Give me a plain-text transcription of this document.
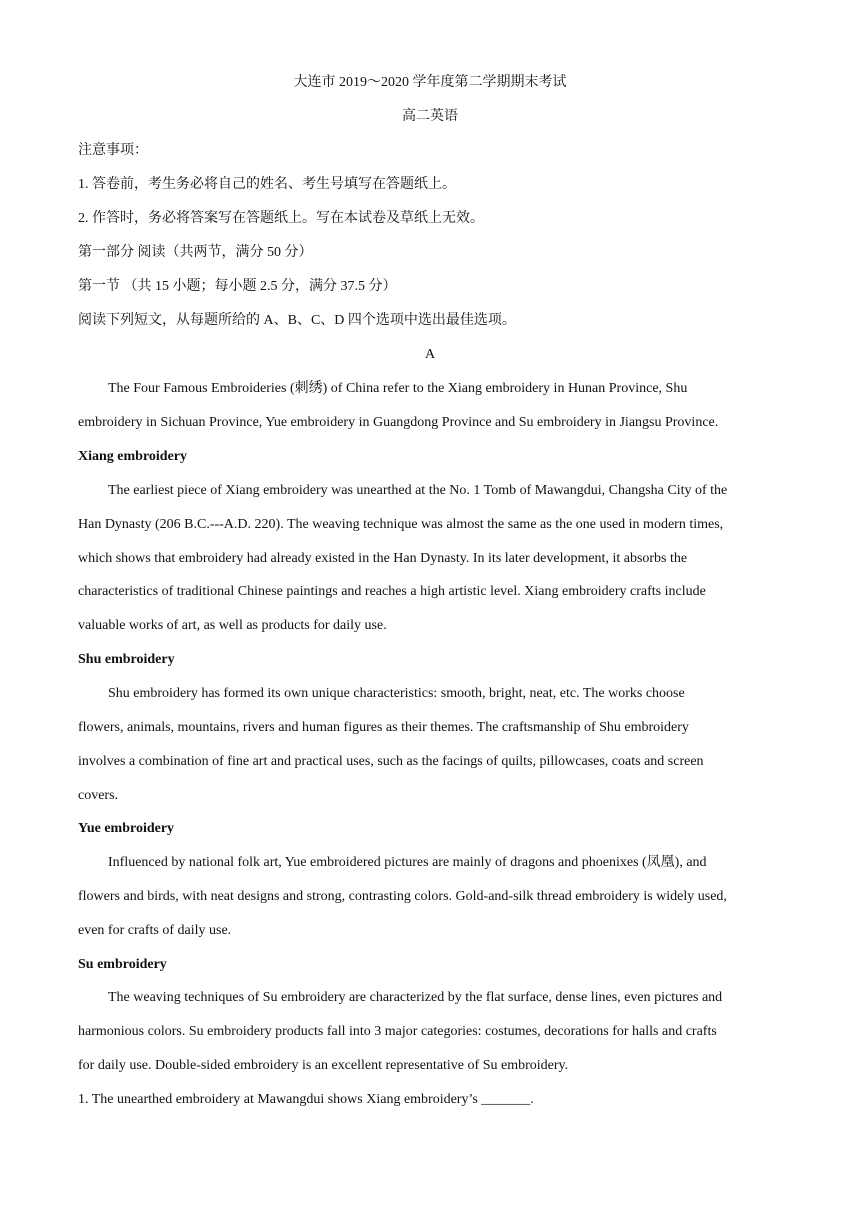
大连市 2019～2020 学年度第二学期期末考试
高二英语
注意事项：
1. 答卷前，考生务必将自己的姓名、考生号填写在答题纸上。
2. 作答时，务必将答案写在答题纸上。写在本试卷及草纸上无效。
第一部分 阅读（共两节，满分 50 分）
第一节 （共 15 小题；每小题 2.5 分，满分 37.5 分）
阅读下列短文，从每题所给的 A、B、C、D 四个选项中选出最佳选项。
A
The Four Famous Embroideries (刺绣) of China refer to the Xiang embroidery in Hunan Province, Shu
embroidery in Sichuan Province, Yue embroidery in Guangdong Province and Su embroidery in Jiangsu Province.
Xiang embroidery
The earliest piece of Xiang embroidery was unearthed at the No. 1 Tomb of Mawangdui, Changsha City of the
Han Dynasty (206 B.C.---A.D. 220). The weaving technique was almost the same as the one used in modern times,
which shows that embroidery had already existed in the Han Dynasty. In its later development, it absorbs the
characteristics of traditional Chinese paintings and reaches a high artistic level. Xiang embroidery crafts include
valuable works of art, as well as products for daily use.
Shu embroidery
Shu embroidery has formed its own unique characteristics: smooth, bright, neat, etc. The works choose
flowers, animals, mountains, rivers and human figures as their themes. The craftsmanship of Shu embroidery
involves a combination of fine art and practical uses, such as the facings of quilts, pillowcases, coats and screen
covers.
Yue embroidery
Influenced by national folk art, Yue embroidered pictures are mainly of dragons and phoenixes (凤凰), and
flowers and birds, with neat designs and strong, contrasting colors. Gold-and-silk thread embroidery is widely used,
even for crafts of daily use.
Su embroidery
The weaving techniques of Su embroidery are characterized by the flat surface, dense lines, even pictures and
harmonious colors. Su embroidery products fall into 3 major categories: costumes, decorations for halls and crafts
for daily use. Double-sided embroidery is an excellent representative of Su embroidery.
1. The unearthed embroidery at Mawangdui shows Xiang embroidery’s _______.
